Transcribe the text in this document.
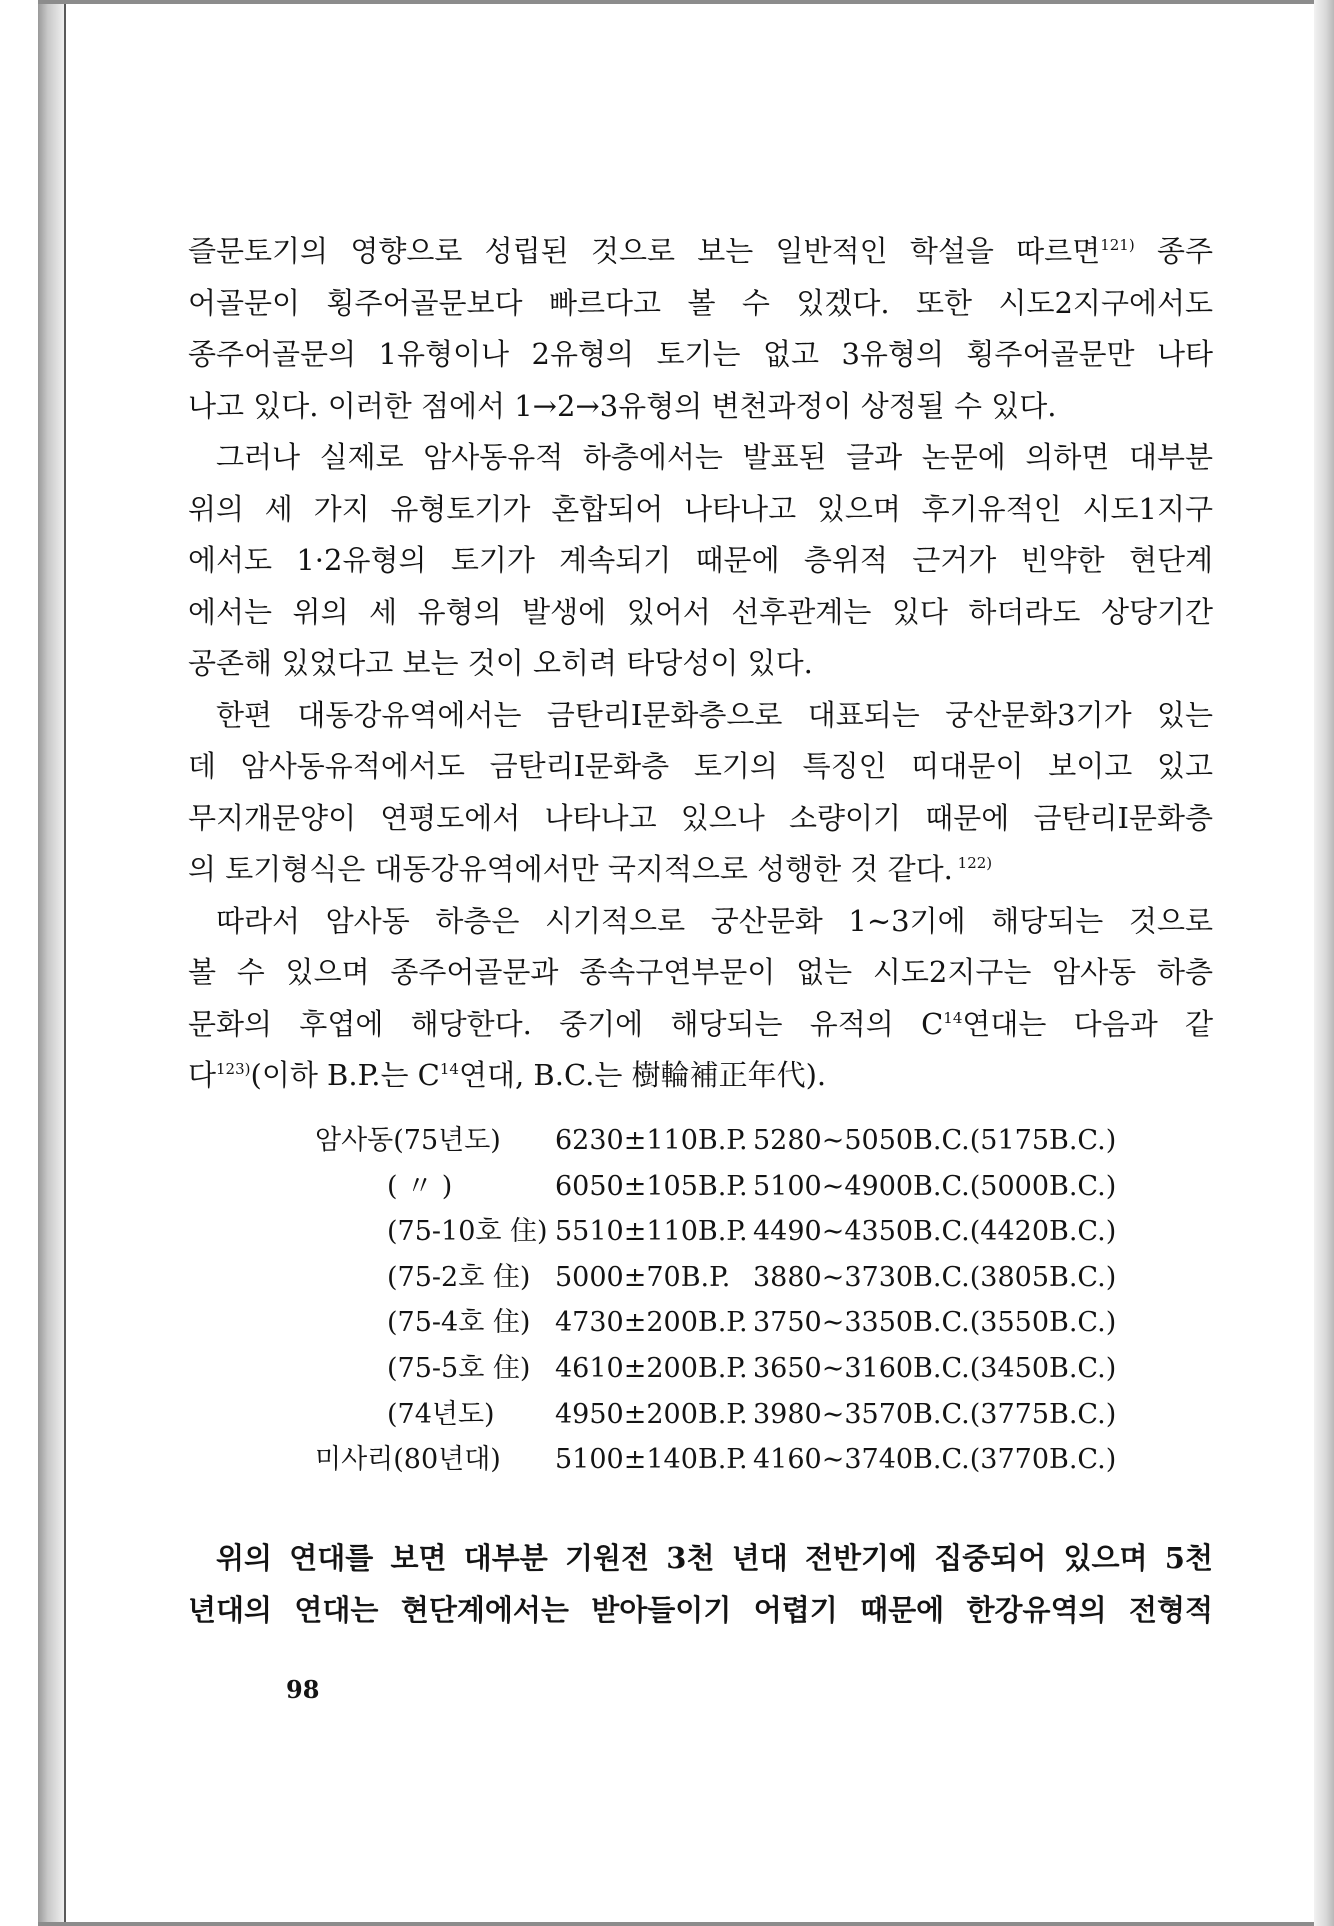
즐문토기의 영향으로 성립된 것으로 보는 일반적인 학설을 따르면$^{121)}$ 종주
어골문이 횡주어골문보다 빠르다고 볼 수 있겠다. 또한 시도2지구에서도
종주어골문의 1유형이나 2유형의 토기는 없고 3유형의 횡주어골문만 나타
나고 있다. 이러한 점에서 1→2→3유형의 변천과정이 상정될 수 있다.
그러나 실제로 암사동유적 하층에서는 발표된 글과 논문에 의하면 대부분
위의 세 가지 유형토기가 혼합되어 나타나고 있으며 후기유적인 시도1지구
에서도 1·2유형의 토기가 계속되기 때문에 층위적 근거가 빈약한 현단계
에서는 위의 세 유형의 발생에 있어서 선후관계는 있다 하더라도 상당기간
공존해 있었다고 보는 것이 오히려 타당성이 있다.
한편 대동강유역에서는 금탄리I문화층으로 대표되는 궁산문화3기가 있는
데 암사동유적에서도 금탄리I문화층 토기의 특징인 띠대문이 보이고 있고
무지개문양이 연평도에서 나타나고 있으나 소량이기 때문에 금탄리I문화층
의 토기형식은 대동강유역에서만 국지적으로 성행한 것 같다. $^{122)}$
따라서 암사동 하층은 시기적으로 궁산문화 1∼3기에 해당되는 것으로
볼 수 있으며 종주어골문과 종속구연부문이 없는 시도2지구는 암사동 하층
문화의 후엽에 해당한다. 중기에 해당되는 유적의 $C^{14}$연대는 다음과 같
다$^{123)}$(이하 B.P.는 $C^{14}$연대, B.C.는 樹輪補正年代).
암사동(75년도)	6230±110B.P. 5280∼5050B.C.(5175B.C.)
( 〃 )	6050±105B.P. 5100∼4900B.C.(5000B.C.)
(75-10호 住) 5510±110B.P. 4490∼4350B.C.(4420B.C.)
(75-2호 住) 5000±70B.P. 3880∼3730B.C.(3805B.C.)
(75-4호 住) 4730±200B.P. 3750∼3350B.C.(3550B.C.)
(75-5호 住) 4610±200B.P. 3650∼3160B.C.(3450B.C.)
(74년도)	4950±200B.P. 3980∼3570B.C.(3775B.C.)
미사리(80년대)	5100±140B.P. 4160∼3740B.C.(3770B.C.)
위의 연대를 보면 대부분 기원전 3천 년대 전반기에 집중되어 있으며 5천
년대의 연대는 현단계에서는 받아들이기 어렵기 때문에 한강유역의 전형적
98
